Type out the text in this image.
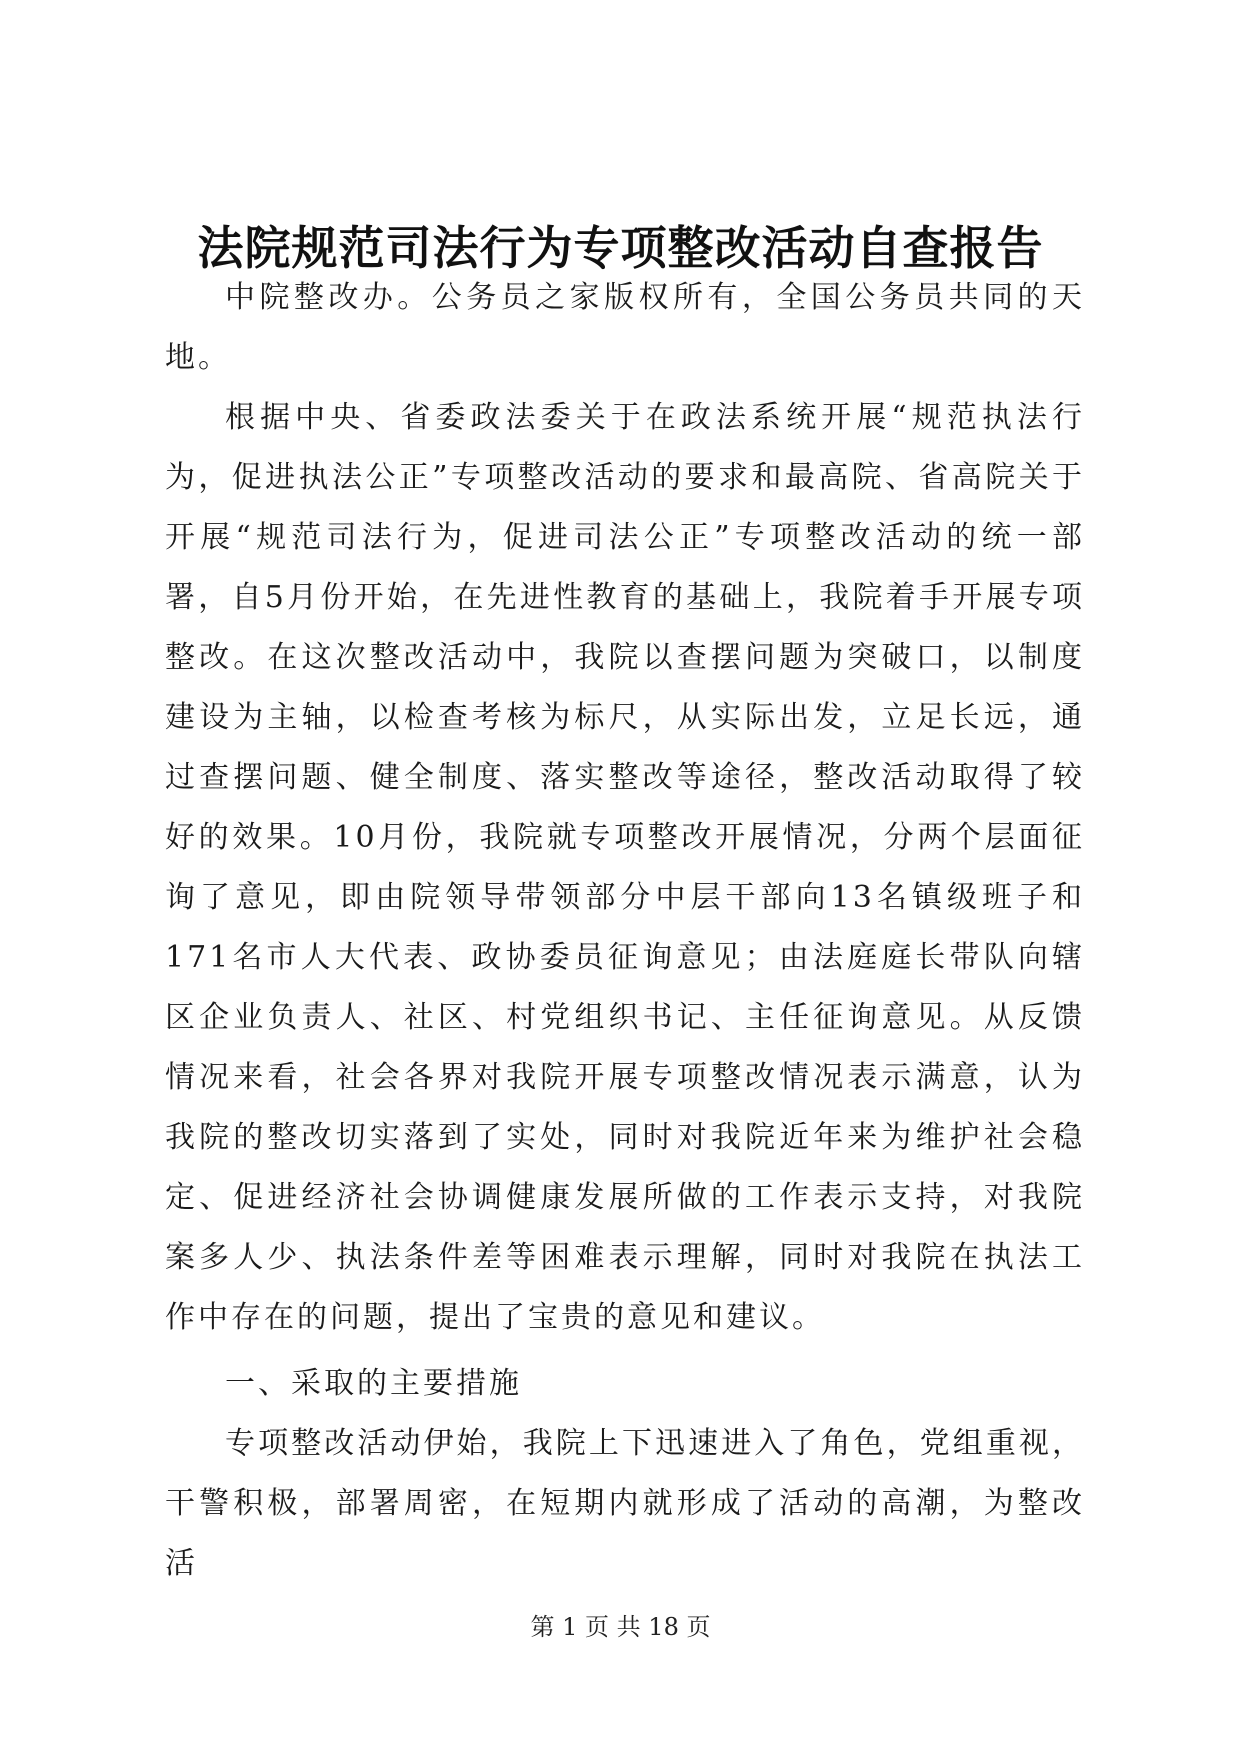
法院规范司法行为专项整改活动自查报告

中院整改办。公务员之家版权所有，全国公务员共同的天地。

根据中央、省委政法委关于在政法系统开展“规范执法行为，促进执法公正”专项整改活动的要求和最高院、省高院关于开展“规范司法行为，促进司法公正”专项整改活动的统一部署，自5月份开始，在先进性教育的基础上，我院着手开展专项整改。在这次整改活动中，我院以查摆问题为突破口，以制度建设为主轴，以检查考核为标尺，从实际出发，立足长远，通过查摆问题、健全制度、落实整改等途径，整改活动取得了较好的效果。10月份，我院就专项整改开展情况，分两个层面征询了意见，即由院领导带领部分中层干部向13名镇级班子和171名市人大代表、政协委员征询意见；由法庭庭长带队向辖区企业负责人、社区、村党组织书记、主任征询意见。从反馈情况来看，社会各界对我院开展专项整改情况表示满意，认为我院的整改切实落到了实处，同时对我院近年来为维护社会稳定、促进经济社会协调健康发展所做的工作表示支持，对我院案多人少、执法条件差等困难表示理解，同时对我院在执法工作中存在的问题，提出了宝贵的意见和建议。

一、采取的主要措施

专项整改活动伊始，我院上下迅速进入了角色，党组重视，干警积极，部署周密，在短期内就形成了活动的高潮，为整改活

第 1 页 共 18 页
